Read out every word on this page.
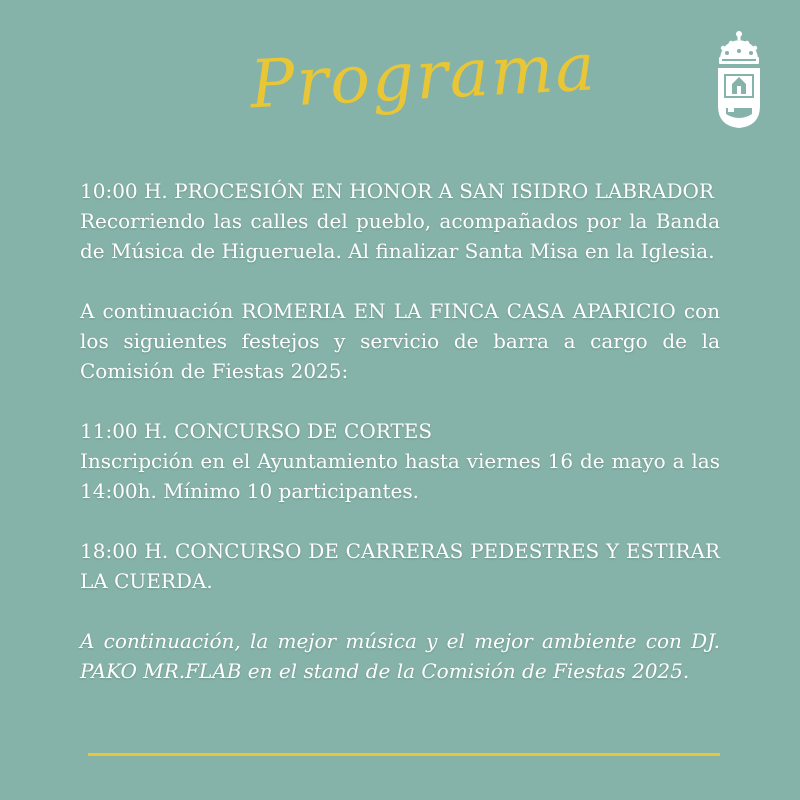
Programa

10:00 H. PROCESIÓN EN HONOR A SAN ISIDRO LABRADOR
Recorriendo las calles del pueblo, acompañados por la Banda de Música de Higueruela. Al finalizar Santa Misa en la Iglesia.

A continuación ROMERIA EN LA FINCA CASA APARICIO con los siguientes festejos y servicio de barra a cargo de la Comisión de Fiestas 2025:

11:00 H. CONCURSO DE CORTES
Inscripción en el Ayuntamiento hasta viernes 16 de mayo a las 14:00h. Mínimo 10 participantes.

18:00 H. CONCURSO DE CARRERAS PEDESTRES Y ESTIRAR LA CUERDA.

A continuación, la mejor música y el mejor ambiente con DJ. PAKO MR.FLAB en el stand de la Comisión de Fiestas 2025.
